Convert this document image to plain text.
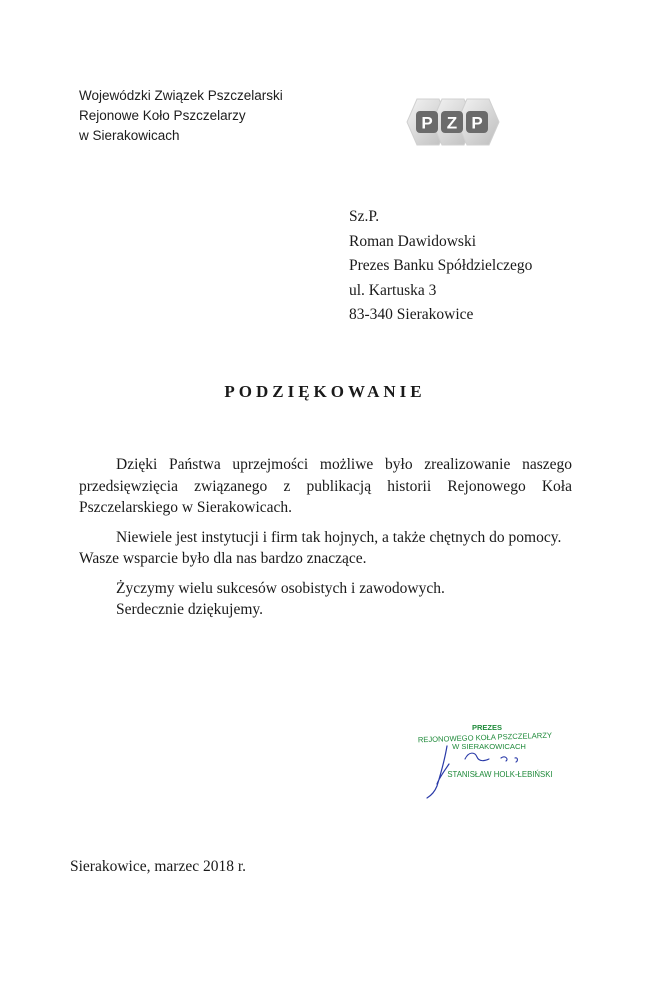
Wojewódzki Związek Pszczelarski
Rejonowe Koło Pszczelarzy
w Sierakowicach
P Z P
Sz.P.
Roman Dawidowski
Prezes Banku Spółdzielczego
ul. Kartuska 3
83-340 Sierakowice
PODZIĘKOWANIE

Dzięki Państwa uprzejmości możliwe było zrealizowanie naszego przedsięwzięcia związanego z publikacją historii Rejonowego Koła Pszczelarskiego w Sierakowicach.

Niewiele jest instytucji i firm tak hojnych, a także chętnych do pomocy.

Wasze wsparcie było dla nas bardzo znaczące.

Życzymy wielu sukcesów osobistych i zawodowych.

Serdecznie dziękujemy.

PREZES
REJONOWEGO KOŁA PSZCZELARZY
W SIERAKOWICACH
STANISŁAW HOLK-ŁEBIŃSKI
Sierakowice, marzec 2018 r.
